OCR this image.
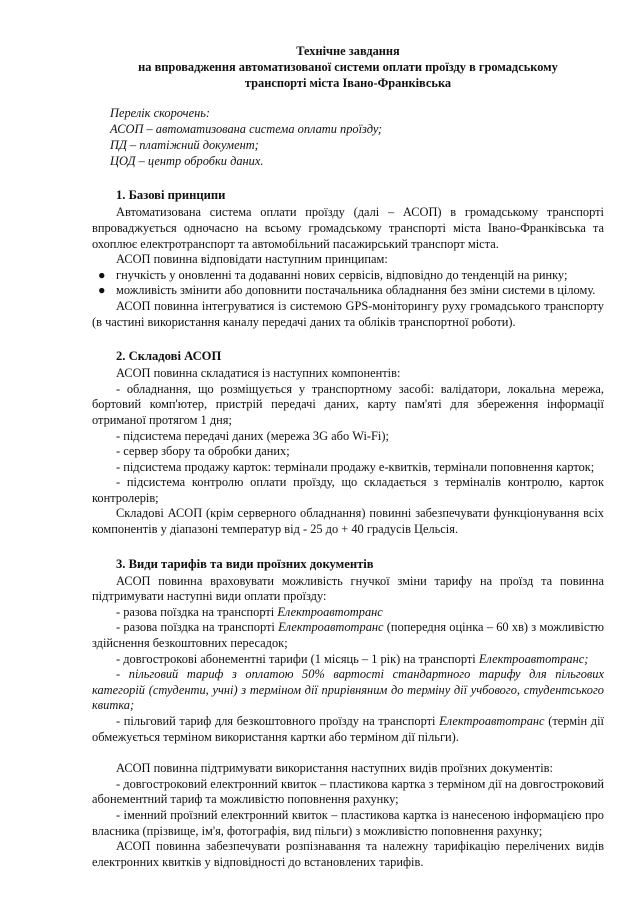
Технічне завдання
на впровадження автоматизованої системи оплати проїзду в громадському
транспорті міста Івано-Франківська
Перелік скорочень:
АСОП – автоматизована система оплати проїзду;
ПД – платіжний документ;
ЦОД – центр обробки даних.
1. Базові принципи

Автоматизована система оплати проїзду (далі – АСОП) в громадському транспорті впроваджується одночасно на всьому громадському транспорті міста Івано-Франківська та охоплює електротранспорт та автомобільний пасажирський транспорт міста.

АСОП повинна відповідати наступним принципам:

● гнучкість у оновленні та додаванні нових сервісів, відповідно до тенденцій на ринку;

● можливість змінити або доповнити постачальника обладнання без зміни системи в цілому.

АСОП повинна інтегруватися із системою GPS-моніторингу руху громадського транспорту (в частині використання каналу передачі даних та обліків транспортної роботи).

2. Складові АСОП

АСОП повинна складатися із наступних компонентів:

- обладнання, що розміщується у транспортному засобі: валідатори, локальна мережа, бортовий комп'ютер, пристрій передачі даних, карту пам'яті для збереження інформації отриманої протягом 1 дня;

- підсистема передачі даних (мережа 3G або Wi-Fi);

- сервер збору та обробки даних;

- підсистема продажу карток: термінали продажу е-квитків, термінали поповнення карток;

- підсистема контролю оплати проїзду, що складається з терміналів контролю, карток контролерів;

Складові АСОП (крім серверного обладнання) повинні забезпечувати функціонування всіх компонентів у діапазоні температур від - 25 до + 40 градусів Цельсія.

3. Види тарифів та види проїзних документів

АСОП повинна враховувати можливість гнучкої зміни тарифу на проїзд та повинна підтримувати наступні види оплати проїзду:

- разова поїздка на транспорті Електроавтотранс

- разова поїздка на транспорті Електроавтотранс (попередня оцінка – 60 хв) з можливістю здійснення безкоштовних пересадок;

- довгострокові абонементні тарифи (1 місяць – 1 рік) на транспорті Електроавтотранс;

- пільговий тариф з оплатою 50% вартості стандартного тарифу для пільгових категорій (студенти, учні) з терміном дії прирівняним до терміну дії учбового, студентського квитка;

- пільговий тариф для безкоштовного проїзду на транспорті Електроавтотранс (термін дії обмежується терміном використання картки або терміном дії пільги).

АСОП повинна підтримувати використання наступних видів проїзних документів:

- довгостроковий електронний квиток – пластикова картка з терміном дії на довгостроковий абонементний тариф та можливістю поповнення рахунку;

- іменний проїзний електронний квиток – пластикова картка із нанесеною інформацією про власника (прізвище, ім'я, фотографія, вид пільги) з можливістю поповнення рахунку;

АСОП повинна забезпечувати розпізнавання та належну тарифікацію перелічених видів електронних квитків у відповідності до встановлених тарифів.
